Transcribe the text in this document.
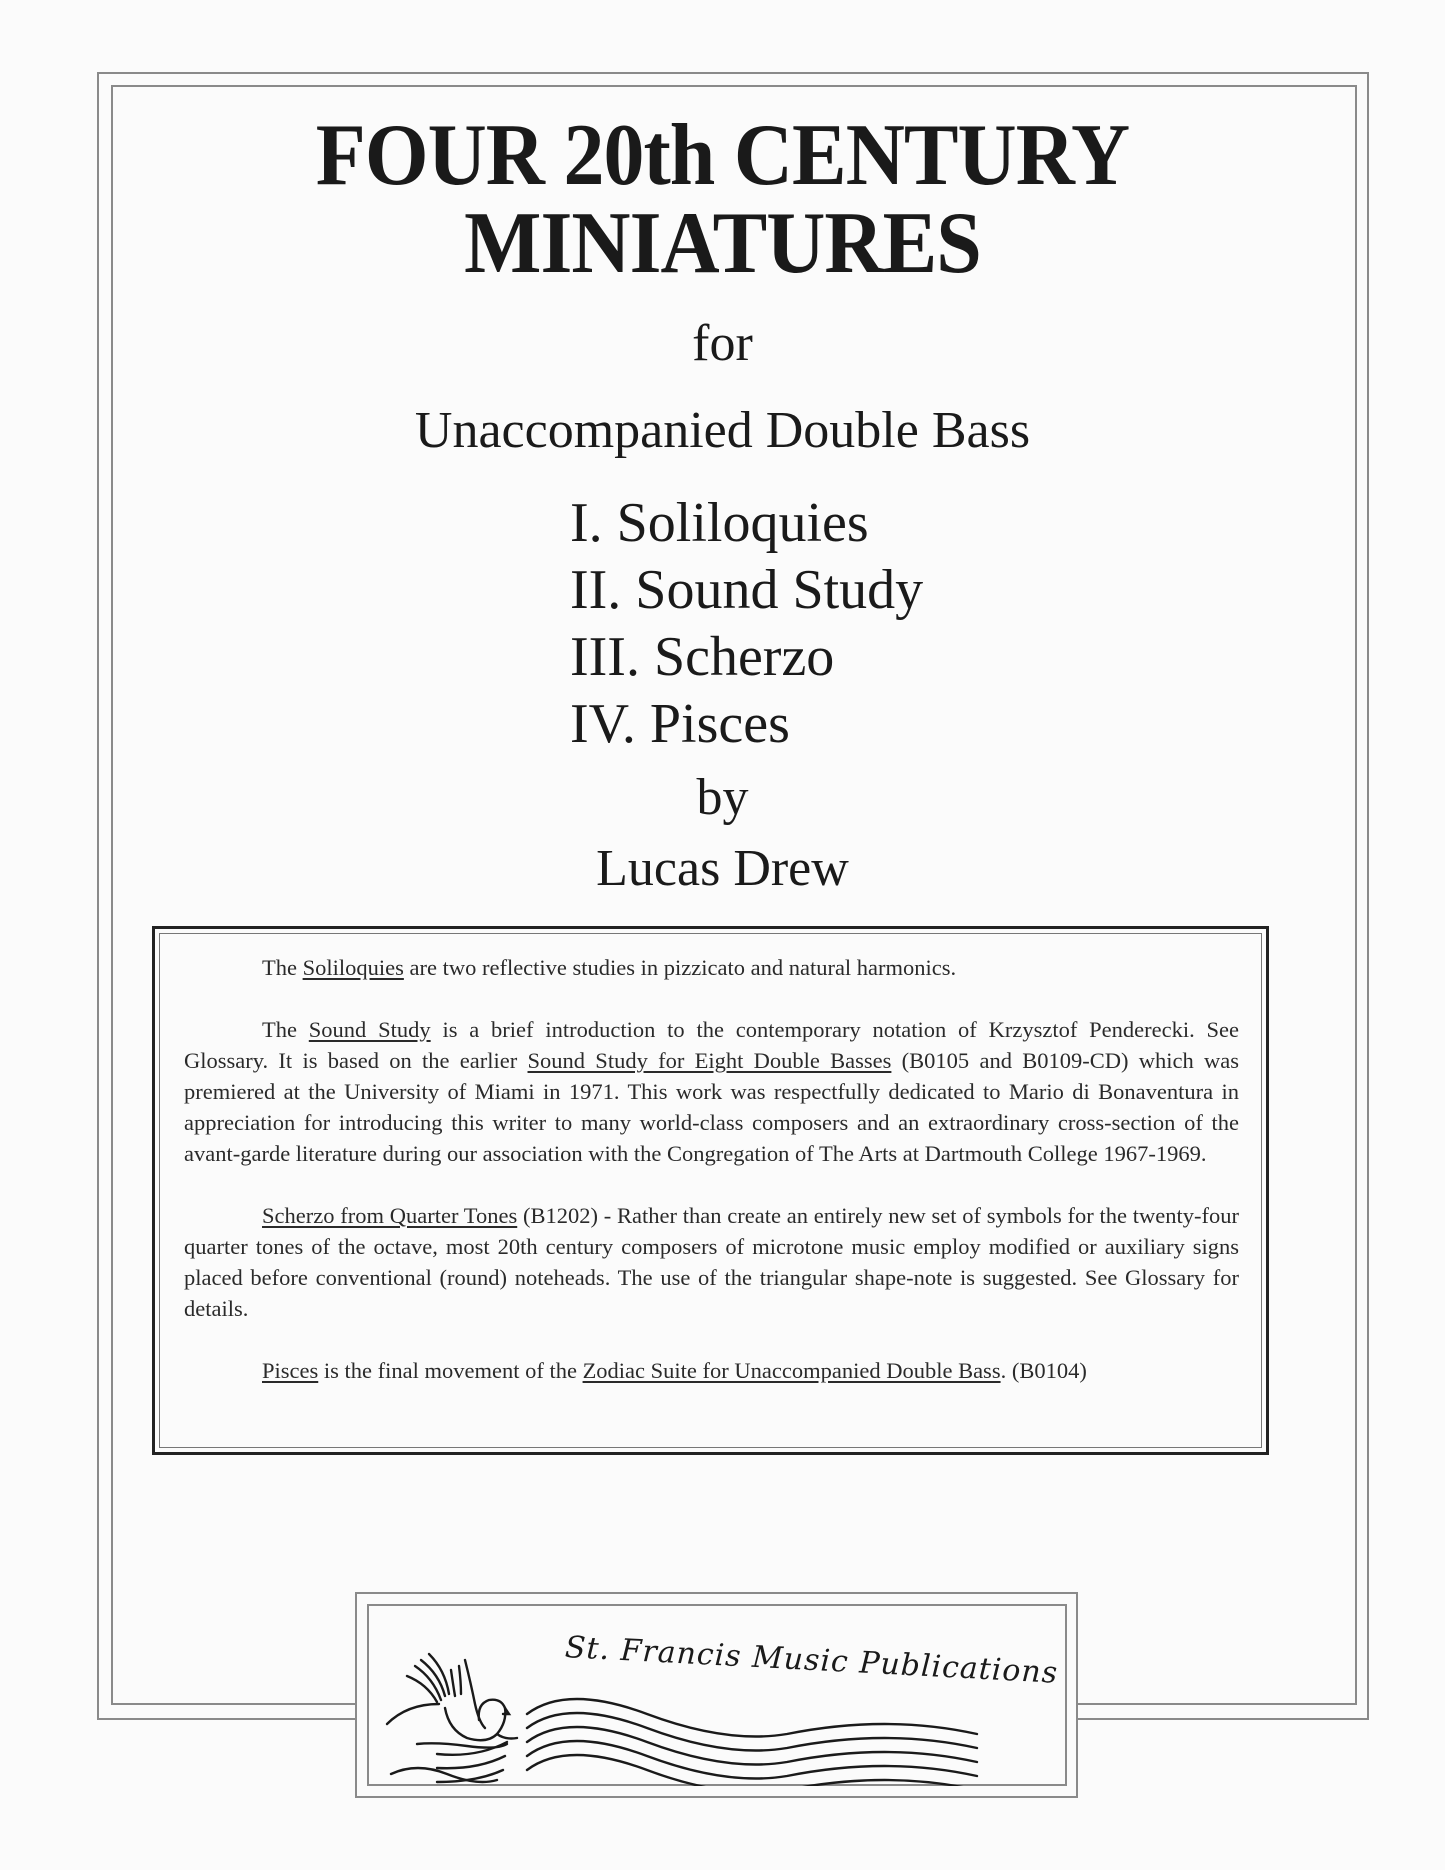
FOUR 20th CENTURY
MINIATURES
for
Unaccompanied Double Bass
I. Soliloquies
II. Sound Study
III. Scherzo
IV. Pisces
by
Lucas Drew

The Soliloquies are two reflective studies in pizzicato and natural harmonics.

The Sound Study is a brief introduction to the contemporary notation of Krzysztof Penderecki. See Glossary. It is based on the earlier Sound Study for Eight Double Basses (B0105 and B0109-CD) which was premiered at the University of Miami in 1971. This work was respectfully dedicated to Mario di Bonaventura in appreciation for introducing this writer to many world-class composers and an extraordinary cross-section of the avant-garde literature during our association with the Congregation of The Arts at Dartmouth College 1967-1969.

Scherzo from Quarter Tones (B1202) - Rather than create an entirely new set of symbols for the twenty-four quarter tones of the octave, most 20th century composers of microtone music employ modified or auxiliary signs placed before conventional (round) noteheads. The use of the triangular shape-note is suggested. See Glossary for details.

Pisces is the final movement of the Zodiac Suite for Unaccompanied Double Bass. (B0104)

St. Francis Music Publications
